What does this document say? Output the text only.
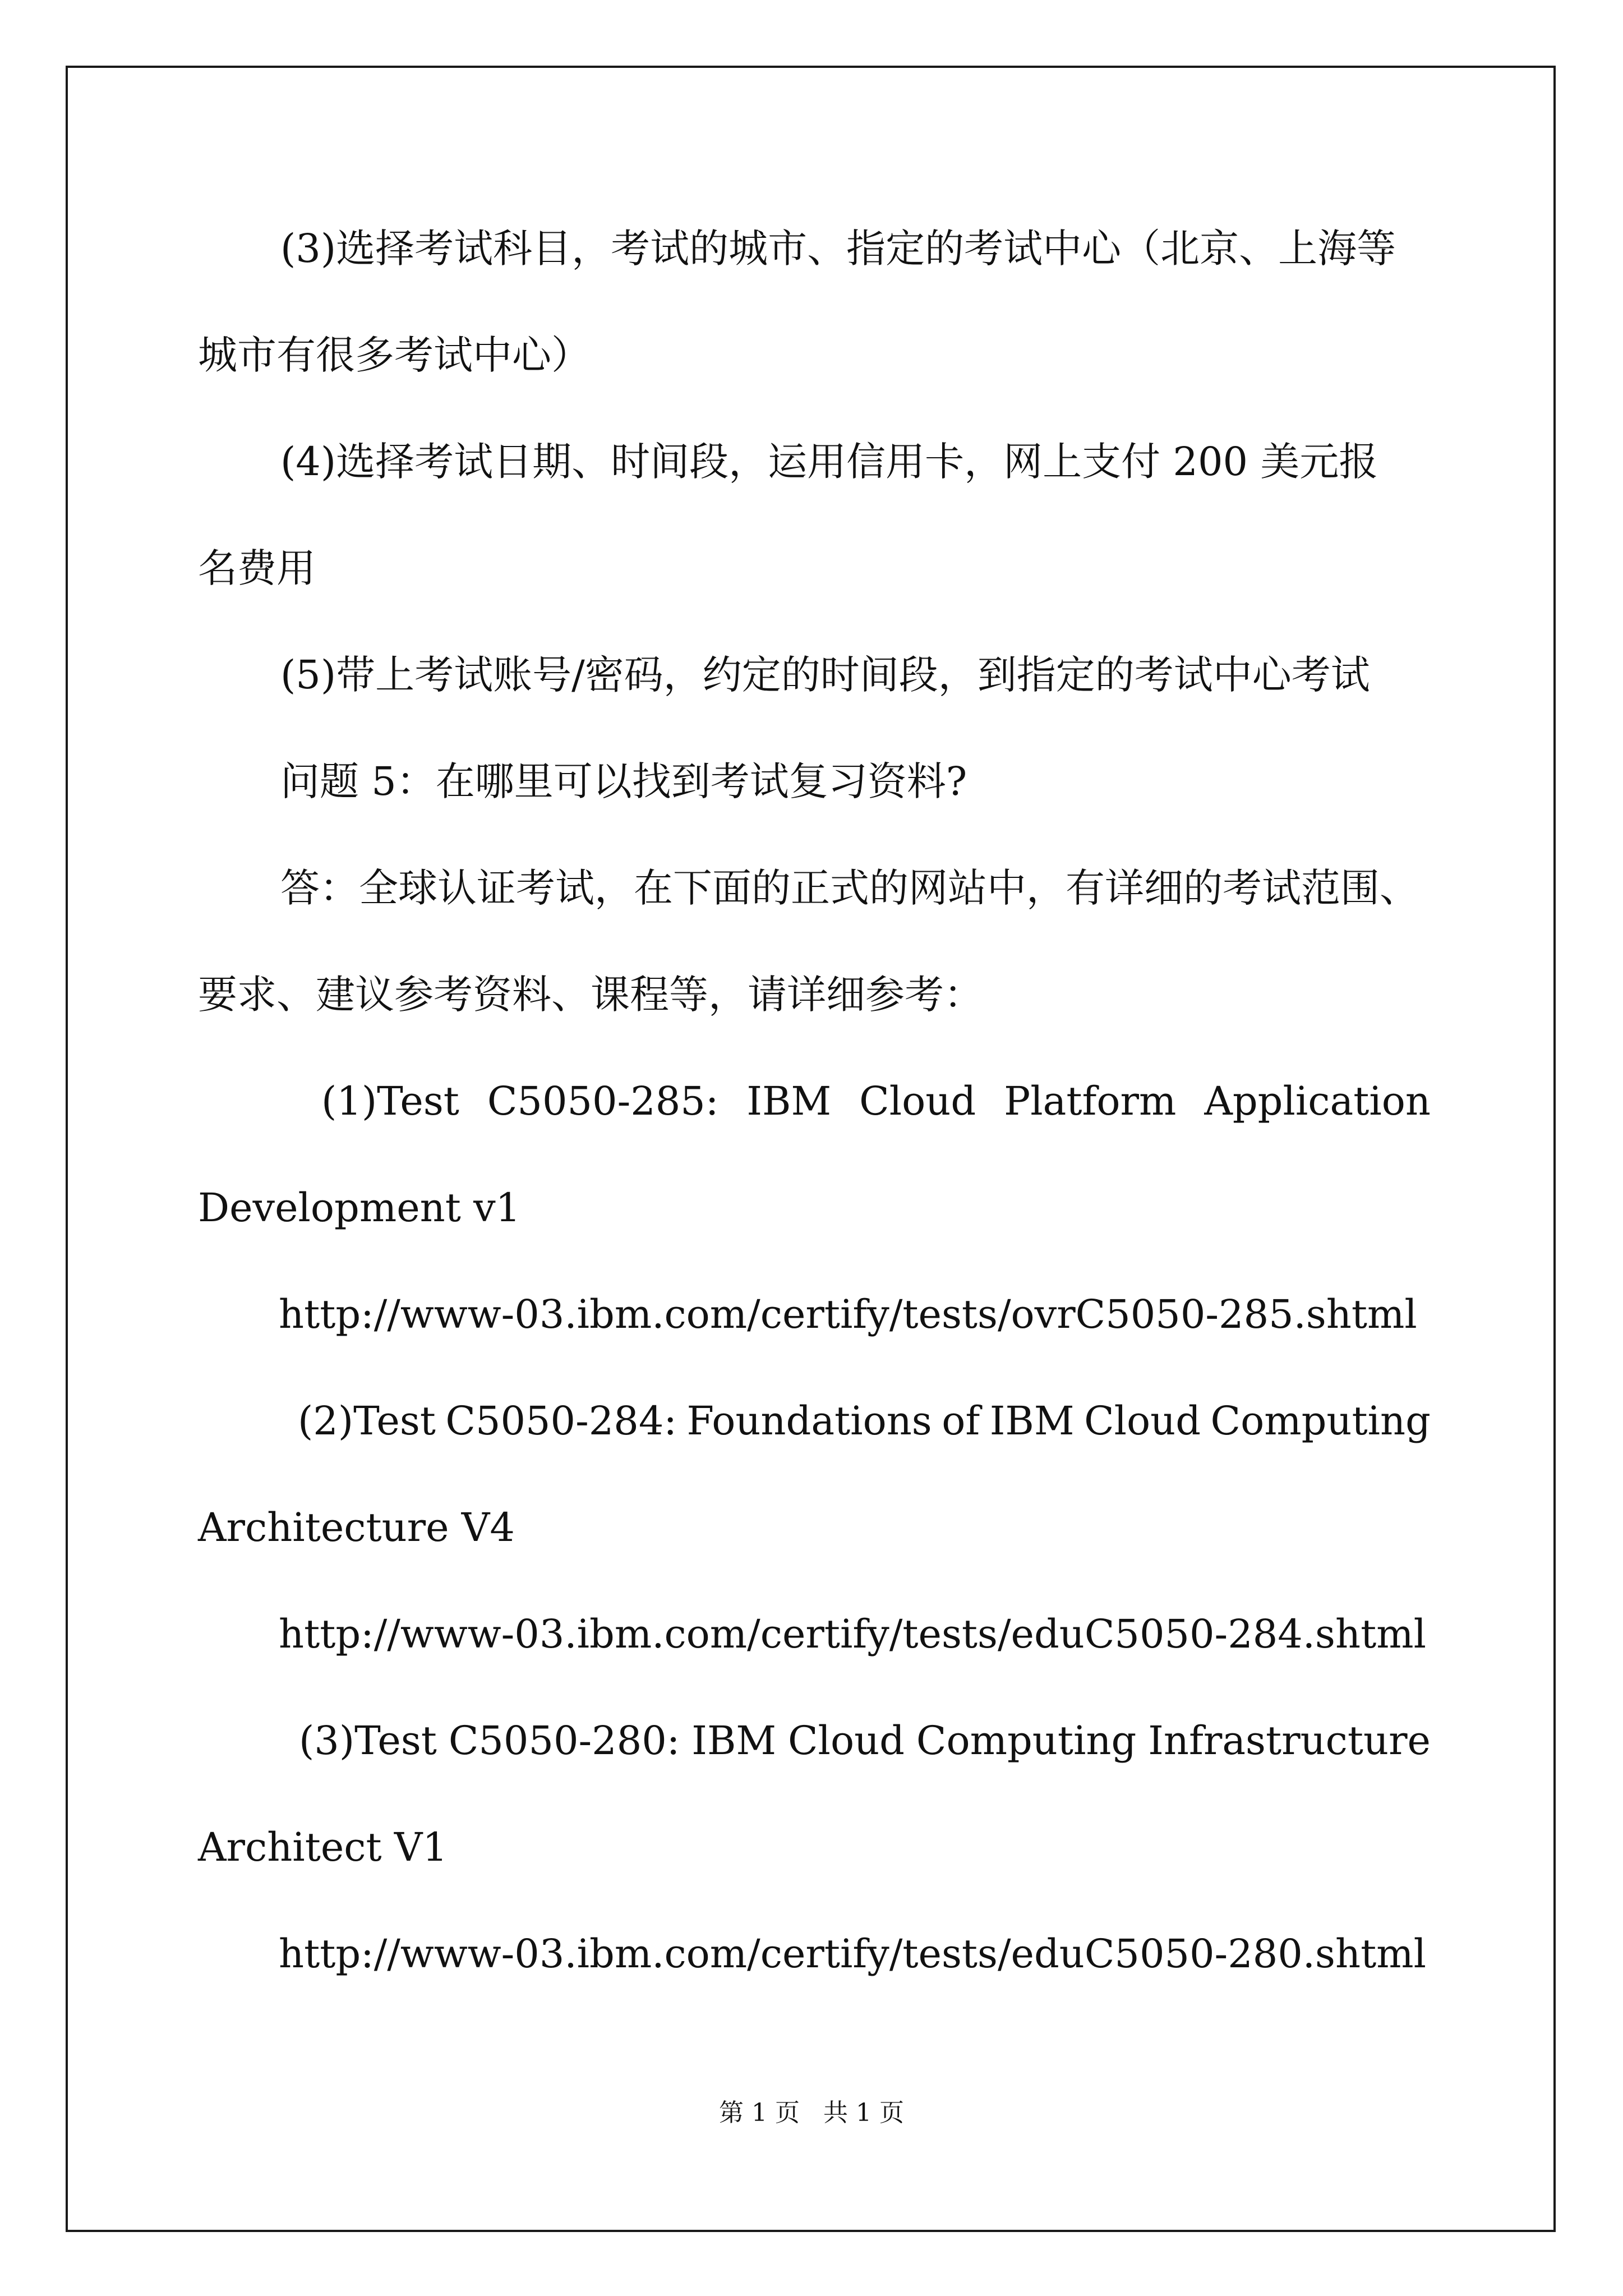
(3)选择考试科目，考试的城市、指定的考试中心（北京、上海等
城市有很多考试中心）
(4)选择考试日期、时间段，运用信用卡，网上支付 200 美元报
名费用
(5)带上考试账号/密码，约定的时间段，到指定的考试中心考试
问题 5：在哪里可以找到考试复习资料?
答：全球认证考试，在下面的正式的网站中，有详细的考试范围、
要求、建议参考资料、课程等，请详细参考：
(1)Test C5050-285: IBM Cloud Platform Application
Development v1
http://www-03.ibm.com/certify/tests/ovrC5050-285.shtml
(2)Test C5050-284: Foundations of IBM Cloud Computing
Architecture V4
http://www-03.ibm.com/certify/tests/eduC5050-284.shtml
(3)Test C5050-280: IBM Cloud Computing Infrastructure
Architect V1
http://www-03.ibm.com/certify/tests/eduC5050-280.shtml
第 1 页   共 1 页
